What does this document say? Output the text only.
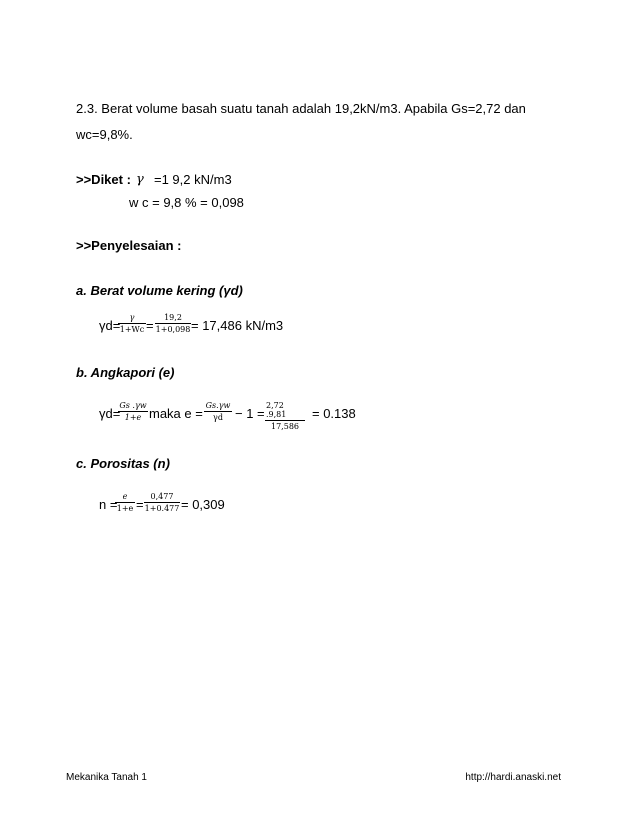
2.3. Berat volume basah suatu tanah adalah 19,2kN/m3. Apabila Gs=2,72 dan
wc=9,8%.
>>Diket : γ =1 9,2 kN/m3
w c = 9,8 % = 0,098
>>Penyelesaian :
a. Berat volume kering (γd)
γd=
γ
1+Wc =
19,2
1+0,098 = 17,486 kN/m3
b. Angkapori (e)
γd=
Gs .γw
1+e maka e =
Gs.γw
γd − 1 =
2,72 .9,81
17,586
= 0.138
c. Porositas (n)
n =
e
1+e =
0,477
1+0.477 = 0,309
Mekanika Tanah 1	http://hardi.anaski.net
